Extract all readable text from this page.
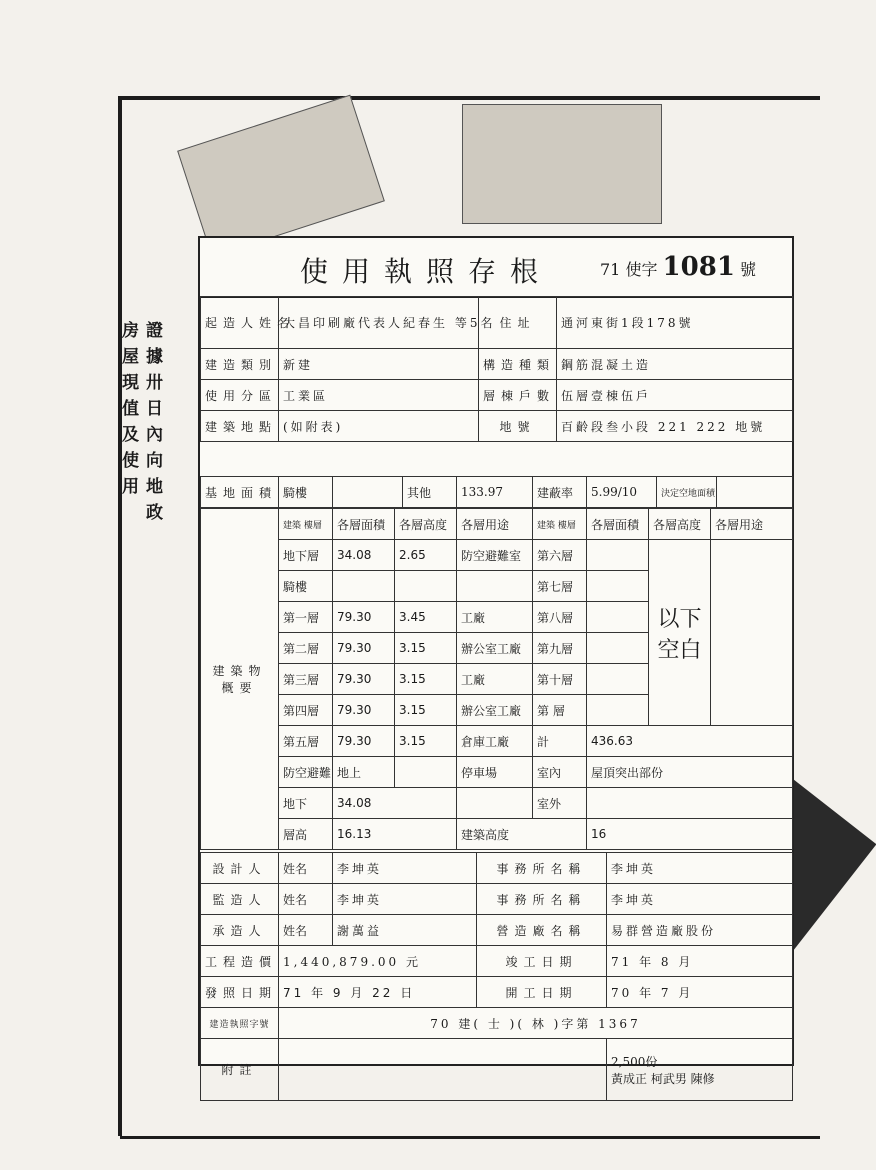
房屋現值及使用
證據卅日內向地政
使用執照存根	71 使字 1081 號
起造人姓名	大昌印刷廠代表人紀春生 等5名	住址	通河東街1段178號
建造類別	新建	構造種類	鋼筋混凝土造
使用分區	工業區	層棟戶數	伍層壹棟伍戶
建築地點	(如附表)	地號	百齡段叁小段 221 222 地號
基地面積	騎樓		其他	133.97	建蔽率	5.99/10	決定空地面積	
建築物概要	建築 樓層	各層面積	各層高度	各層用途	建築 樓層	各層面積	各層高度	各層用途
	地下層	34.08	2.65	防空避難室	第六層		以下空白	
	騎樓				第七層			
	第一層	79.30	3.45	工廠	第八層			
	第二層	79.30	3.15	辦公室工廠	第九層			
	第三層	79.30	3.15	工廠	第十層			
	第四層	79.30	3.15	辦公室工廠	第 層			
	第五層	79.30	3.15	倉庫工廠	計	436.63		
	防空避難	地上		停車場	室內	屋頂突出部份		
	地下	34.08			室外			
	層高	16.13		建築高度		16		
設計人	姓名	李坤英	事務所名稱	李坤英
監造人	姓名	李坤英	事務所名稱	李坤英
承造人	姓名	謝萬益	營造廠名稱	易群營造廠股份
工程造價	1,440,879.00 元		竣工日期	71 年 8 月
發照日期	71 年 9 月 22 日		開工日期	70 年 7 月
建造執照字號	70 建( 士 )( 林 )字第 1367			
附註				2,500份
黃成正 柯武男 陳修
